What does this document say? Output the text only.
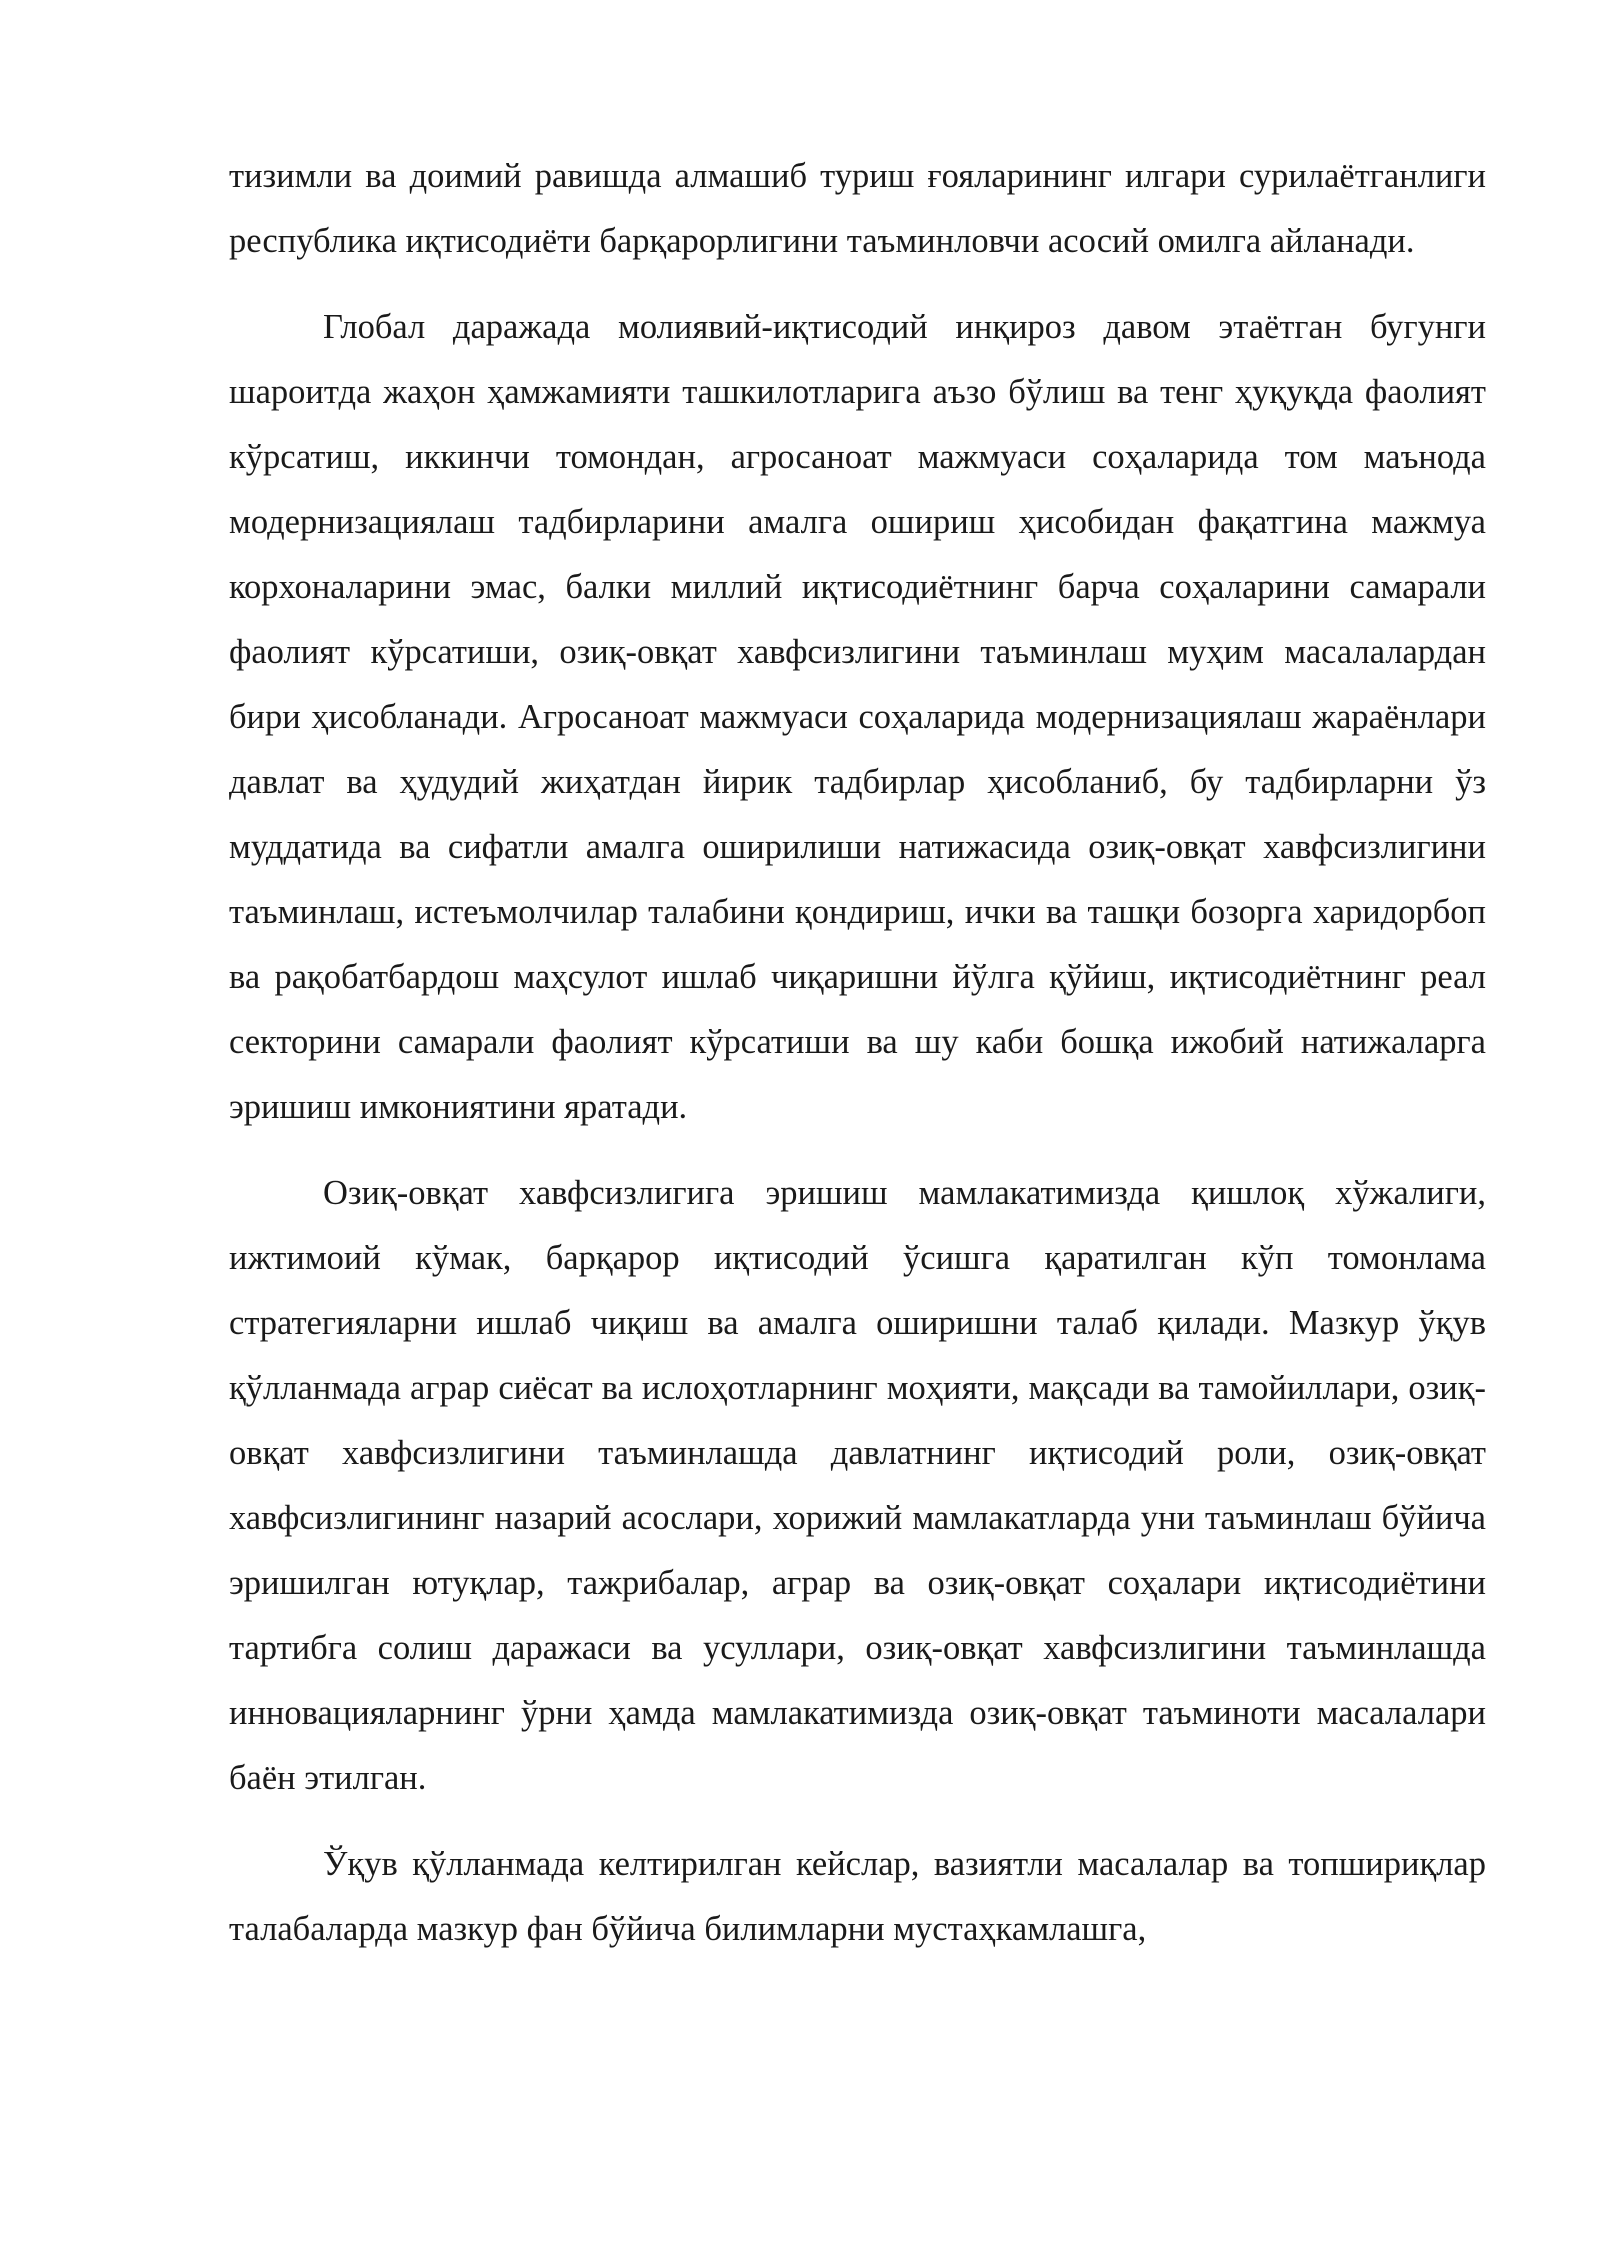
тизимли ва доимий равишда алмашиб туриш ғояларининг илгари сурилаётганлиги республика иқтисодиёти барқарорлигини таъминловчи асосий омилга айланади.

Глобал даражада молиявий-иқтисодий инқироз давом этаётган бугунги шароитда жаҳон ҳамжамияти ташкилотларига аъзо бўлиш ва тенг ҳуқуқда фаолият кўрсатиш, иккинчи томондан, агросаноат мажмуаси соҳаларида том маънода модернизациялаш тадбирларини амалга ошириш ҳисобидан фақатгина мажмуа корхоналарини эмас, балки миллий иқтисодиётнинг барча соҳаларини самарали фаолият кўрсатиши, озиқ-овқат хавфсизлигини таъминлаш муҳим масалалардан бири ҳисобланади. Агросаноат мажмуаси соҳаларида модернизациялаш жараёнлари давлат ва ҳудудий жиҳатдан йирик тадбирлар ҳисобланиб, бу тадбирларни ўз муддатида ва сифатли амалга оширилиши натижасида озиқ-овқат хавфсизлигини таъминлаш, истеъмолчилар талабини қондириш, ички ва ташқи бозорга харидорбоп ва рақобатбардош маҳсулот ишлаб чиқаришни йўлга қўйиш, иқтисодиётнинг реал секторини самарали фаолият кўрсатиши ва шу каби бошқа ижобий натижаларга эришиш имкониятини яратади.

Озиқ-овқат хавфсизлигига эришиш мамлакатимизда қишлоқ хўжалиги, ижтимоий кўмак, барқарор иқтисодий ўсишга қаратилган кўп томонлама стратегияларни ишлаб чиқиш ва амалга оширишни талаб қилади. Мазкур ўқув қўлланмада аграр сиёсат ва ислоҳотларнинг моҳияти, мақсади ва тамойиллари, озиқ-овқат хавфсизлигини таъминлашда давлатнинг иқтисодий роли, озиқ-овқат хавфсизлигининг назарий асослари, хорижий мамлакатларда уни таъминлаш бўйича эришилган ютуқлар, тажрибалар, аграр ва озиқ-овқат соҳалари иқтисодиётини тартибга солиш даражаси ва усуллари, озиқ-овқат хавфсизлигини таъминлашда инновацияларнинг ўрни ҳамда мамлакатимизда озиқ-овқат таъминоти масалалари баён этилган.

Ўқув қўлланмада келтирилган кейслар, вазиятли масалалар ва топшириқлар талабаларда мазкур фан бўйича билимларни мустаҳкамлашга,
